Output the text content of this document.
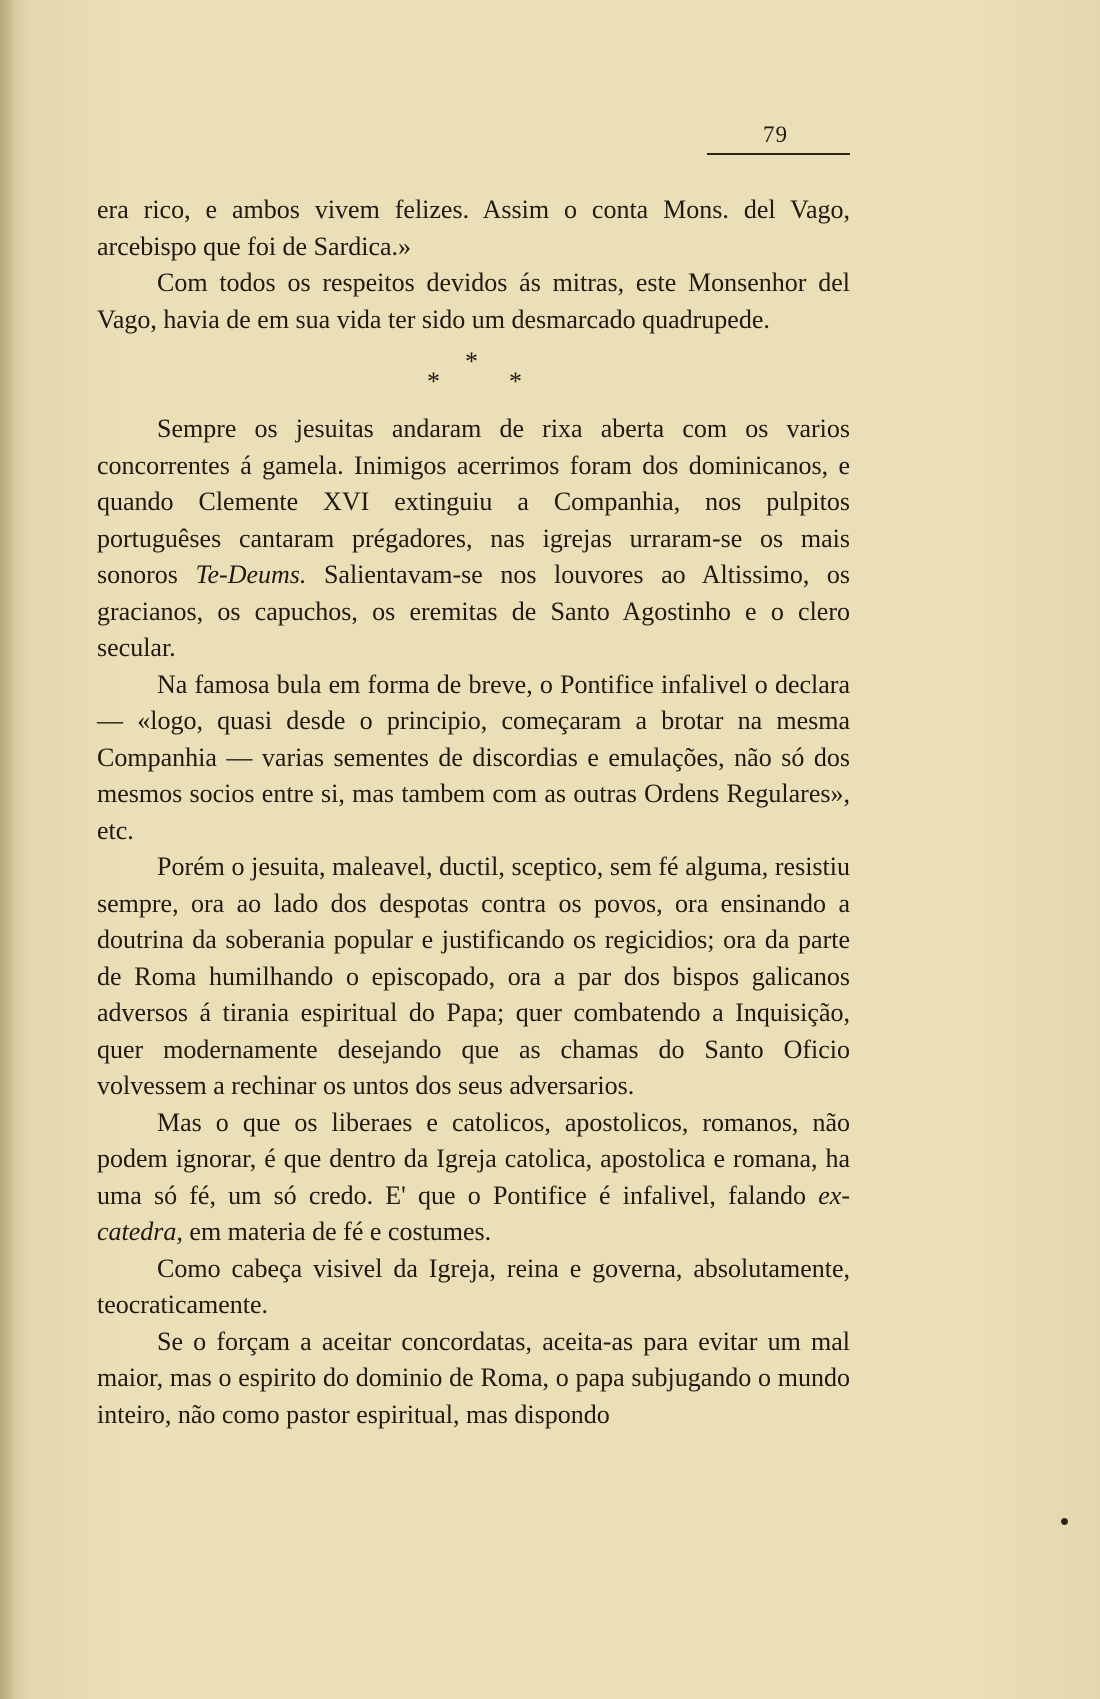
79

era rico, e ambos vivem felizes. Assim o conta Mons. del Vago, arcebispo que foi de Sardica.»

Com todos os respeitos devidos ás mitras, este Monsenhor del Vago, havia de em sua vida ter sido um desmarcado quadrupede.

*
*	*

Sempre os jesuitas andaram de rixa aberta com os varios concorrentes á gamela. Inimigos acerrimos foram dos dominicanos, e quando Clemente XVI extinguiu a Companhia, nos pulpitos portuguêses cantaram prégadores, nas igrejas urraram-se os mais sonoros Te-Deums. Salientavam-se nos louvores ao Altissimo, os gracianos, os capuchos, os eremitas de Santo Agostinho e o clero secular.

Na famosa bula em forma de breve, o Pontifice infalivel o declara — «logo, quasi desde o principio, começaram a brotar na mesma Companhia — varias sementes de discordias e emulações, não só dos mesmos socios entre si, mas tambem com as outras Ordens Regulares», etc.

Porém o jesuita, maleavel, ductil, sceptico, sem fé alguma, resistiu sempre, ora ao lado dos despotas contra os povos, ora ensinando a doutrina da soberania popular e justificando os regicidios; ora da parte de Roma humilhando o episcopado, ora a par dos bispos galicanos adversos á tirania espiritual do Papa; quer combatendo a Inquisição, quer modernamente desejando que as chamas do Santo Oficio volvessem a rechinar os untos dos seus adversarios.

Mas o que os liberaes e catolicos, apostolicos, romanos, não podem ignorar, é que dentro da Igreja catolica, apostolica e romana, ha uma só fé, um só credo. E' que o Pontifice é infalivel, falando ex-catedra, em materia de fé e costumes.

Como cabeça visivel da Igreja, reina e governa, absolutamente, teocraticamente.

Se o forçam a aceitar concordatas, aceita-as para evitar um mal maior, mas o espirito do dominio de Roma, o papa subjugando o mundo inteiro, não como pastor espiritual, mas dispondo
